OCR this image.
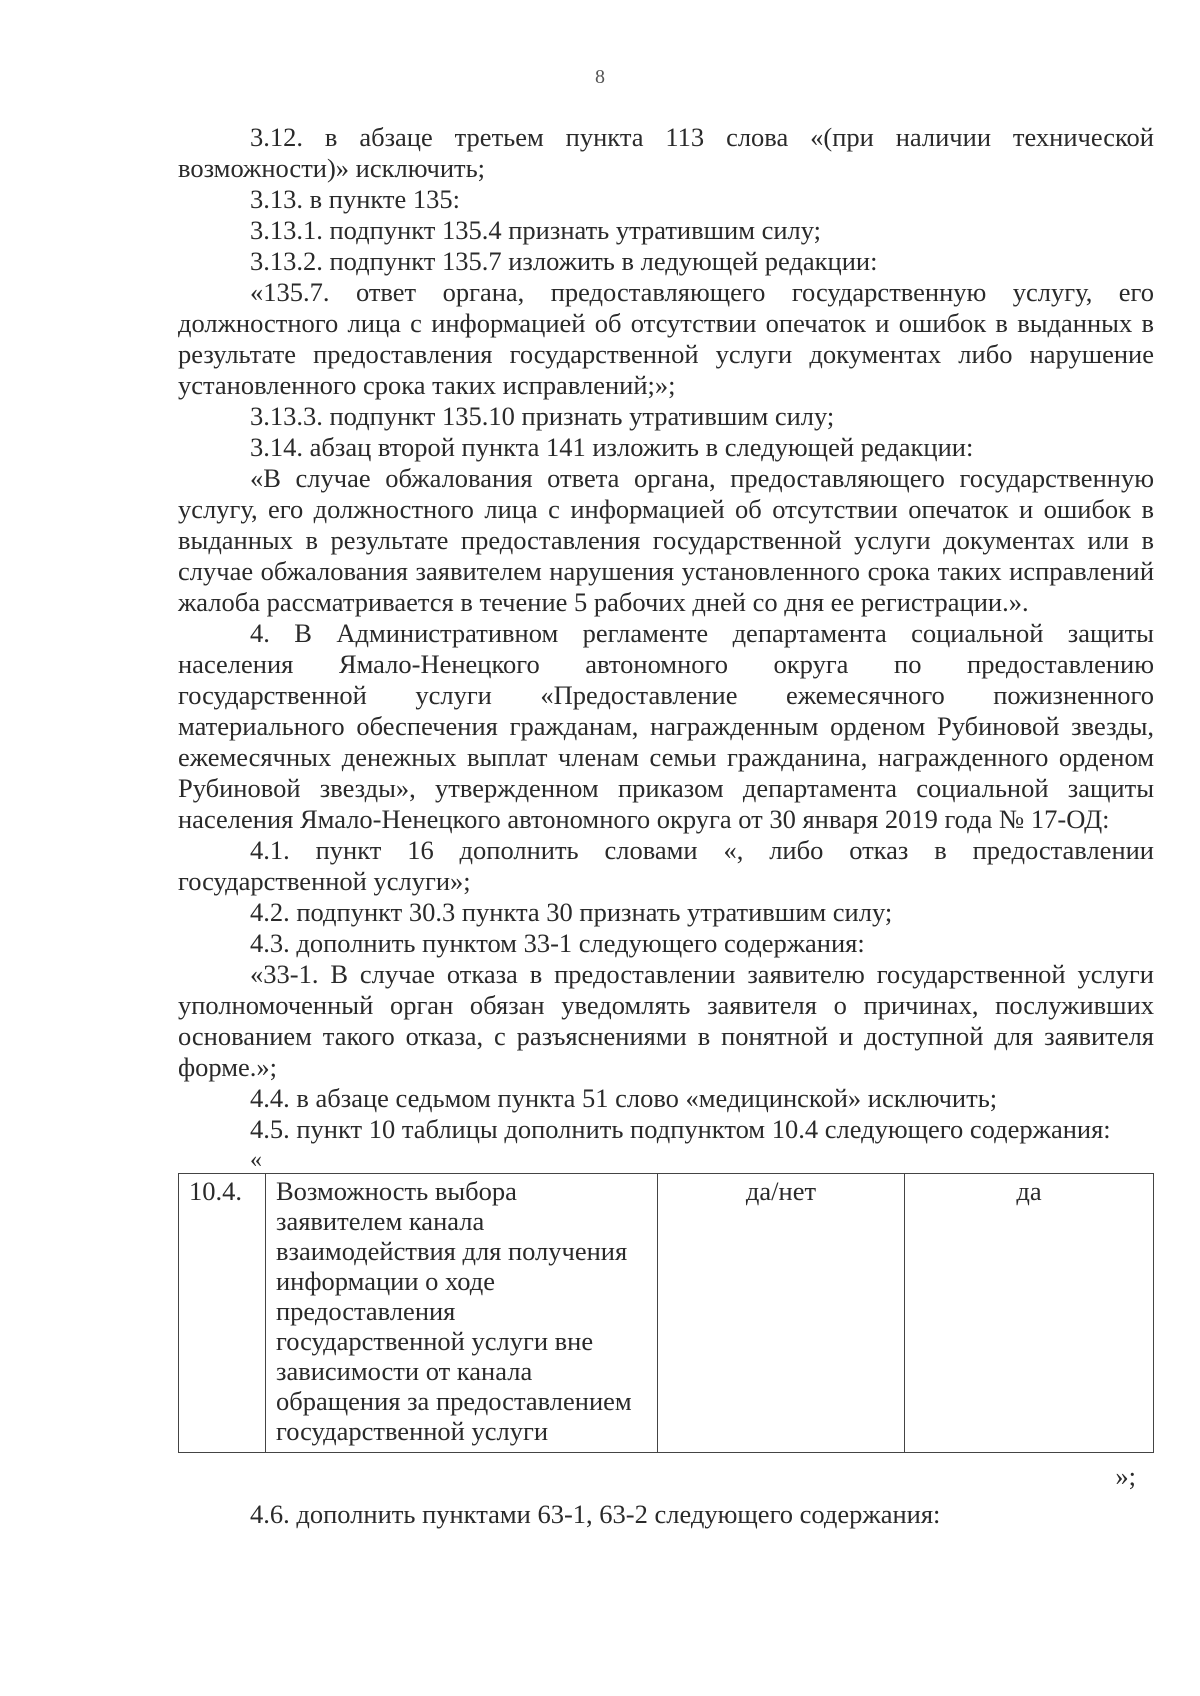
8

3.12. в абзаце третьем пункта 113 слова «(при наличии технической возможности)» исключить;

3.13. в пункте 135:

3.13.1. подпункт 135.4 признать утратившим силу;

3.13.2. подпункт 135.7 изложить в ледующей редакции:

«135.7. ответ органа, предоставляющего государственную услугу, его должностного лица с информацией об отсутствии опечаток и ошибок в выданных в результате предоставления государственной услуги документах либо нарушение установленного срока таких исправлений;»;

3.13.3. подпункт 135.10 признать утратившим силу;

3.14. абзац второй пункта 141 изложить в следующей редакции:

«В случае обжалования ответа органа, предоставляющего государственную услугу, его должностного лица с информацией об отсутствии опечаток и ошибок в выданных в результате предоставления государственной услуги документах или в случае обжалования заявителем нарушения установленного срока таких исправлений жалоба рассматривается в течение 5 рабочих дней со дня ее регистрации.».

4. В Административном регламенте департамента социальной защиты населения Ямало-Ненецкого автономного округа по предоставлению государственной услуги «Предоставление ежемесячного пожизненного материального обеспечения гражданам, награжденным орденом Рубиновой звезды, ежемесячных денежных выплат членам семьи гражданина, награжденного орденом Рубиновой звезды», утвержденном приказом департамента социальной защиты населения Ямало-Ненецкого автономного округа от 30 января 2019 года № 17-ОД:

4.1. пункт 16 дополнить словами «, либо отказ в предоставлении государственной услуги»;

4.2. подпункт 30.3 пункта 30 признать утратившим силу;

4.3. дополнить пунктом 33-1 следующего содержания:

«33-1. В случае отказа в предоставлении заявителю государственной услуги уполномоченный орган обязан уведомлять заявителя о причинах, послуживших основанием такого отказа, с разъяснениями в понятной и доступной для заявителя форме.»;

4.4. в абзаце седьмом пункта 51 слово «медицинской» исключить;

4.5. пункт 10 таблицы дополнить подпунктом 10.4 следующего содержания:

«
10.4.	Возможность выбора заявителем канала взаимодействия для получения информации о ходе предоставления государственной услуги вне зависимости от канала обращения за предоставлением государственной услуги	да/нет	да
»;

4.6. дополнить пунктами 63-1, 63-2 следующего содержания:
